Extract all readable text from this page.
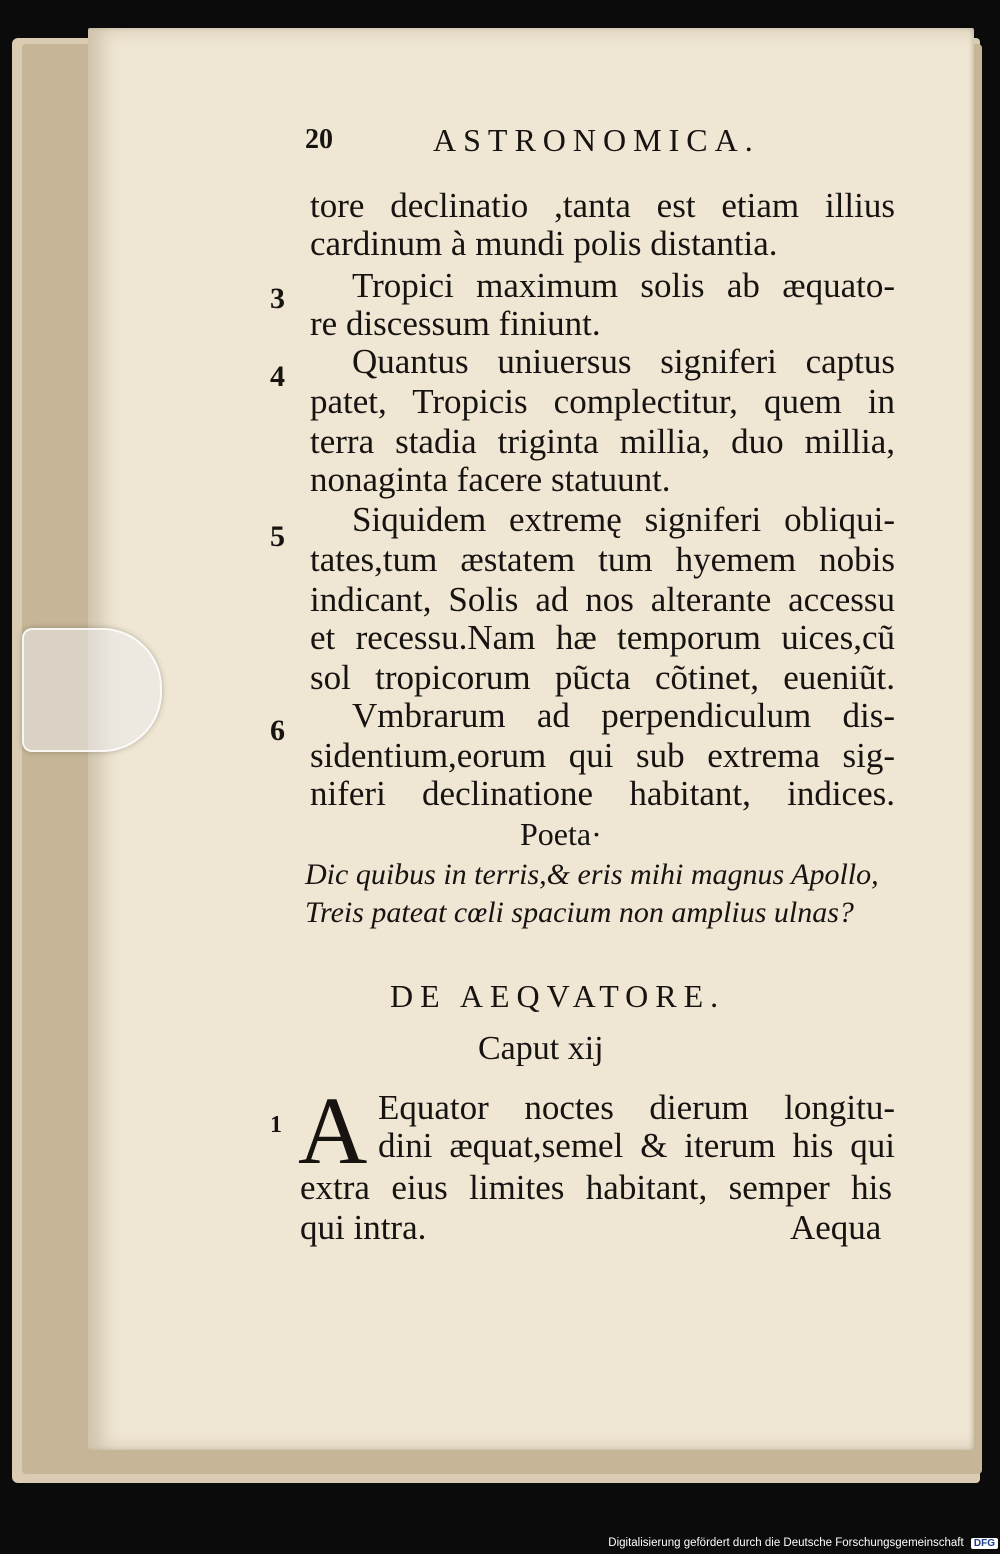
20	ASTRONOMICA.
tore declinatio ,tanta est etiam illius
cardinum à mundi polis distantia.
3 Tropici maximum solis ab æquato-
re discessum finiunt.
4 Quantus uniuersus signiferi captus
patet, Tropicis complectitur, quem in
terra stadia triginta millia, duo millia,
nonaginta facere statuunt.
5 Siquidem extremę signiferi obliqui-
tates,tum æstatem tum hyemem nobis
indicant, Solis ad nos alterante accessu
et recessu.Nam hæ temporum uices,cũ
sol tropicorum pũcta cõtinet, eueniũt.
6 Vmbrarum ad perpendiculum dis-
sidentium,eorum qui sub extrema sig-
niferi declinatione habitant, indices.
Poeta·
Dic quibus in terris,& eris mihi magnus Apollo,
Treis pateat cœli spacium non amplius ulnas?
DE AEQVATORE.
Caput xij
1 A Equator noctes dierum longitu-
dini æquat,semel & iterum his qui
extra eius limites habitant, semper his
qui intra.	Aequa
Digitalisierung gefördert durch die Deutsche Forschungsgemeinschaft DFG
